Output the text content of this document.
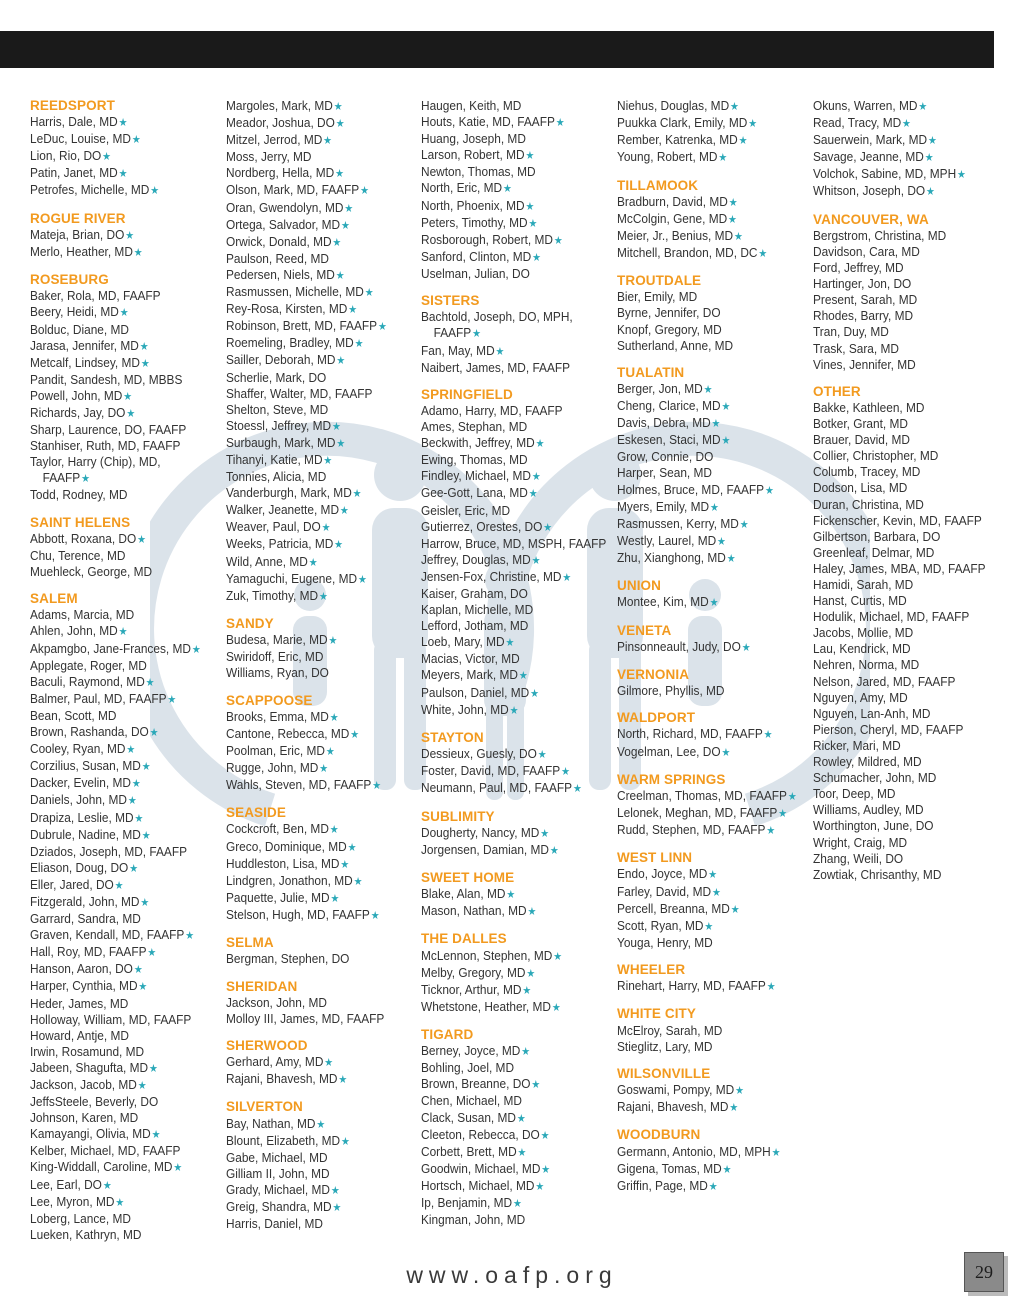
REEDSPORT
Harris, Dale, MD★
LeDuc, Louise, MD★
Lion, Rio, DO★
Patin, Janet, MD★
Petrofes, Michelle, MD★
ROGUE RIVER
Mateja, Brian, DO★
Merlo, Heather, MD★
ROSEBURG
Baker, Rola, MD, FAAFP
Beery, Heidi, MD★
Bolduc, Diane, MD
Jarasa, Jennifer, MD★
Metcalf, Lindsey, MD★
Pandit, Sandesh, MD, MBBS
Powell, John, MD★
Richards, Jay, DO★
Sharp, Laurence, DO, FAAFP
Stanhiser, Ruth, MD, FAAFP
Taylor, Harry (Chip), MD,
FAAFP★
Todd, Rodney, MD
SAINT HELENS
Abbott, Roxana, DO★
Chu, Terence, MD
Muehleck, George, MD
SALEM
Adams, Marcia, MD
Ahlen, John, MD★
Akpamgbo, Jane-Frances, MD★
Applegate, Roger, MD
Baculi, Raymond, MD★
Balmer, Paul, MD, FAAFP★
Bean, Scott, MD
Brown, Rashanda, DO★
Cooley, Ryan, MD★
Corzilius, Susan, MD★
Dacker, Evelin, MD★
Daniels, John, MD★
Drapiza, Leslie, MD★
Dubrule, Nadine, MD★
Dziados, Joseph, MD, FAAFP
Eliason, Doug, DO★
Eller, Jared, DO★
Fitzgerald, John, MD★
Garrard, Sandra, MD
Graven, Kendall, MD, FAAFP★
Hall, Roy, MD, FAAFP★
Hanson, Aaron, DO★
Harper, Cynthia, MD★
Heder, James, MD
Holloway, William, MD, FAAFP
Howard, Antje, MD
Irwin, Rosamund, MD
Jabeen, Shagufta, MD★
Jackson, Jacob, MD★
JeffsSteele, Beverly, DO
Johnson, Karen, MD
Kamayangi, Olivia, MD★
Kelber, Michael, MD, FAAFP
King-Widdall, Caroline, MD★
Lee, Earl, DO★
Lee, Myron, MD★
Loberg, Lance, MD
Lueken, Kathryn, MD
Margoles, Mark, MD★
Meador, Joshua, DO★
Mitzel, Jerrod, MD★
Moss, Jerry, MD
Nordberg, Hella, MD★
Olson, Mark, MD, FAAFP★
Oran, Gwendolyn, MD★
Ortega, Salvador, MD★
Orwick, Donald, MD★
Paulson, Reed, MD
Pedersen, Niels, MD★
Rasmussen, Michelle, MD★
Rey-Rosa, Kirsten, MD★
Robinson, Brett, MD, FAAFP★
Roemeling, Bradley, MD★
Sailler, Deborah, MD★
Scherlie, Mark, DO
Shaffer, Walter, MD, FAAFP
Shelton, Steve, MD
Stoessl, Jeffrey, MD★
Surbaugh, Mark, MD★
Tihanyi, Katie, MD★
Tonnies, Alicia, MD
Vanderburgh, Mark, MD★
Walker, Jeanette, MD★
Weaver, Paul, DO★
Weeks, Patricia, MD★
Wild, Anne, MD★
Yamaguchi, Eugene, MD★
Zuk, Timothy, MD★
SANDY
Budesa, Marie, MD★
Swiridoff, Eric, MD
Williams, Ryan, DO
SCAPPOOSE
Brooks, Emma, MD★
Cantone, Rebecca, MD★
Poolman, Eric, MD★
Rugge, John, MD★
Wahls, Steven, MD, FAAFP★
SEASIDE
Cockcroft, Ben, MD★
Greco, Dominique, MD★
Huddleston, Lisa, MD★
Lindgren, Jonathon, MD★
Paquette, Julie, MD★
Stelson, Hugh, MD, FAAFP★
SELMA
Bergman, Stephen, DO
SHERIDAN
Jackson, John, MD
Molloy III, James, MD, FAAFP
SHERWOOD
Gerhard, Amy, MD★
Rajani, Bhavesh, MD★
SILVERTON
Bay, Nathan, MD★
Blount, Elizabeth, MD★
Gabe, Michael, MD
Gilliam II, John, MD
Grady, Michael, MD★
Greig, Shandra, MD★
Harris, Daniel, MD
Haugen, Keith, MD
Houts, Katie, MD, FAAFP★
Huang, Joseph, MD
Larson, Robert, MD★
Newton, Thomas, MD
North, Eric, MD★
North, Phoenix, MD★
Peters, Timothy, MD★
Rosborough, Robert, MD★
Sanford, Clinton, MD★
Uselman, Julian, DO
SISTERS
Bachtold, Joseph, DO, MPH,
FAAFP★
Fan, May, MD★
Naibert, James, MD, FAAFP
SPRINGFIELD
Adamo, Harry, MD, FAAFP
Ames, Stephan, MD
Beckwith, Jeffrey, MD★
Ewing, Thomas, MD
Findley, Michael, MD★
Gee-Gott, Lana, MD★
Geisler, Eric, MD
Gutierrez, Orestes, DO★
Harrow, Bruce, MD, MSPH, FAAFP
Jeffrey, Douglas, MD★
Jensen-Fox, Christine, MD★
Kaiser, Graham, DO
Kaplan, Michelle, MD
Lefford, Jotham, MD
Loeb, Mary, MD★
Macias, Victor, MD
Meyers, Mark, MD★
Paulson, Daniel, MD★
White, John, MD★
STAYTON
Dessieux, Guesly, DO★
Foster, David, MD, FAAFP★
Neumann, Paul, MD, FAAFP★
SUBLIMITY
Dougherty, Nancy, MD★
Jorgensen, Damian, MD★
SWEET HOME
Blake, Alan, MD★
Mason, Nathan, MD★
THE DALLES
McLennon, Stephen, MD★
Melby, Gregory, MD★
Ticknor, Arthur, MD★
Whetstone, Heather, MD★
TIGARD
Berney, Joyce, MD★
Bohling, Joel, MD
Brown, Breanne, DO★
Chen, Michael, MD
Clack, Susan, MD★
Cleeton, Rebecca, DO★
Corbett, Brett, MD★
Goodwin, Michael, MD★
Hortsch, Michael, MD★
Ip, Benjamin, MD★
Kingman, John, MD
Niehus, Douglas, MD★
Puukka Clark, Emily, MD★
Rember, Katrenka, MD★
Young, Robert, MD★
TILLAMOOK
Bradburn, David, MD★
McColgin, Gene, MD★
Meier, Jr., Benius, MD★
Mitchell, Brandon, MD, DC★
TROUTDALE
Bier, Emily, MD
Byrne, Jennifer, DO
Knopf, Gregory, MD
Sutherland, Anne, MD
TUALATIN
Berger, Jon, MD★
Cheng, Clarice, MD★
Davis, Debra, MD★
Eskesen, Staci, MD★
Grow, Connie, DO
Harper, Sean, MD
Holmes, Bruce, MD, FAAFP★
Myers, Emily, MD★
Rasmussen, Kerry, MD★
Westly, Laurel, MD★
Zhu, Xianghong, MD★
UNION
Montee, Kim, MD★
VENETA
Pinsonneault, Judy, DO★
VERNONIA
Gilmore, Phyllis, MD
WALDPORT
North, Richard, MD, FAAFP★
Vogelman, Lee, DO★
WARM SPRINGS
Creelman, Thomas, MD, FAAFP★
Lelonek, Meghan, MD, FAAFP★
Rudd, Stephen, MD, FAAFP★
WEST LINN
Endo, Joyce, MD★
Farley, David, MD★
Percell, Breanna, MD★
Scott, Ryan, MD★
Youga, Henry, MD
WHEELER
Rinehart, Harry, MD, FAAFP★
WHITE CITY
McElroy, Sarah, MD
Stieglitz, Lary, MD
WILSONVILLE
Goswami, Pompy, MD★
Rajani, Bhavesh, MD★
WOODBURN
Germann, Antonio, MD, MPH★
Gigena, Tomas, MD★
Griffin, Page, MD★
Okuns, Warren, MD★
Read, Tracy, MD★
Sauerwein, Mark, MD★
Savage, Jeanne, MD★
Volchok, Sabine, MD, MPH★
Whitson, Joseph, DO★
VANCOUVER, WA
Bergstrom, Christina, MD
Davidson, Cara, MD
Ford, Jeffrey, MD
Hartinger, Jon, DO
Present, Sarah, MD
Rhodes, Barry, MD
Tran, Duy, MD
Trask, Sara, MD
Vines, Jennifer, MD
OTHER
Bakke, Kathleen, MD
Botker, Grant, MD
Brauer, David, MD
Collier, Christopher, MD
Columb, Tracey, MD
Dodson, Lisa, MD
Duran, Christina, MD
Fickenscher, Kevin, MD, FAAFP
Gilbertson, Barbara, DO
Greenleaf, Delmar, MD
Haley, James, MBA, MD, FAAFP
Hamidi, Sarah, MD
Hanst, Curtis, MD
Hodulik, Michael, MD, FAAFP
Jacobs, Mollie, MD
Lau, Kendrick, MD
Nehren, Norma, MD
Nelson, Jared, MD, FAAFP
Nguyen, Amy, MD
Nguyen, Lan-Anh, MD
Pierson, Cheryl, MD, FAAFP
Ricker, Mari, MD
Rowley, Mildred, MD
Schumacher, John, MD
Toor, Deep, MD
Williams, Audley, MD
Worthington, June, DO
Wright, Craig, MD
Zhang, Weili, DO
Zowtiak, Chrisanthy, MD
www.oafp.org	29
